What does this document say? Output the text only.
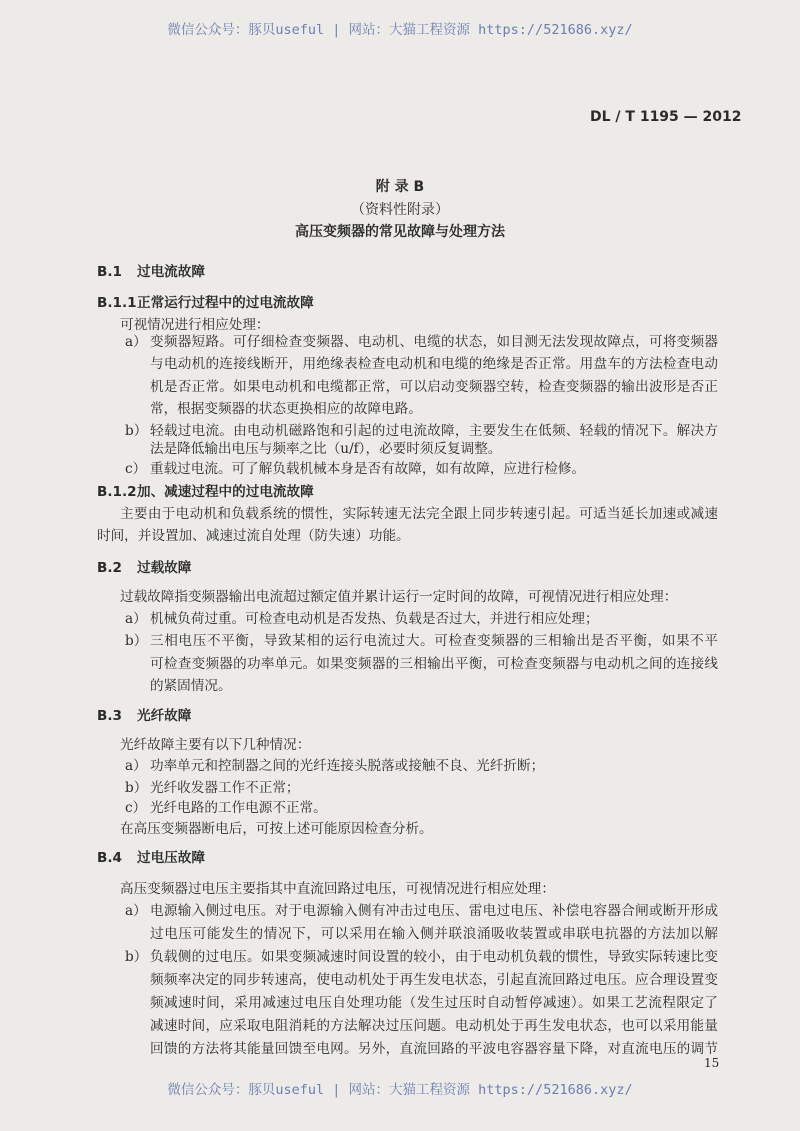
微信公众号：豚贝useful | 网站：大猫工程资源 https://521686.xyz/
DL / T 1195 — 2012
附 录 B
（资料性附录）
高压变频器的常见故障与处理方法
B.1 过电流故障
B.1.1正常运行过程中的过电流故障
可视情况进行相应处理：
a） 变频器短路。可仔细检查变频器、电动机、电缆的状态，如目测无法发现故障点，可将变频器
与电动机的连接线断开，用绝缘表检查电动机和电缆的绝缘是否正常。用盘车的方法检查电动
机是否正常。如果电动机和电缆都正常，可以启动变频器空转，检查变频器的输出波形是否正
常，根据变频器的状态更换相应的故障电路。
b） 轻载过电流。由电动机磁路饱和引起的过电流故障，主要发生在低频、轻载的情况下。解决方
法是降低输出电压与频率之比（u/f），必要时须反复调整。
c） 重载过电流。可了解负载机械本身是否有故障，如有故障，应进行检修。
B.1.2加、减速过程中的过电流故障
主要由于电动机和负载系统的惯性，实际转速无法完全跟上同步转速引起。可适当延长加速或减速
时间，并设置加、减速过流自处理（防失速）功能。
B.2 过载故障
过载故障指变频器输出电流超过额定值并累计运行一定时间的故障，可视情况进行相应处理：
a） 机械负荷过重。可检查电动机是否发热、负载是否过大，并进行相应处理；
b） 三相电压不平衡，导致某相的运行电流过大。可检查变频器的三相输出是否平衡，如果不平
可检查变频器的功率单元。如果变频器的三相输出平衡，可检查变频器与电动机之间的连接线
的紧固情况。
B.3 光纤故障
光纤故障主要有以下几种情况：
a） 功率单元和控制器之间的光纤连接头脱落或接触不良、光纤折断；
b） 光纤收发器工作不正常；
c） 光纤电路的工作电源不正常。
在高压变频器断电后，可按上述可能原因检查分析。
B.4 过电压故障
高压变频器过电压主要指其中直流回路过电压，可视情况进行相应处理：
a） 电源输入侧过电压。对于电源输入侧有冲击过电压、雷电过电压、补偿电容器合闸或断开形成
过电压可能发生的情况下，可以采用在输入侧并联浪涌吸收装置或串联电抗器的方法加以解
b） 负载侧的过电压。如果变频减速时间设置的较小，由于电动机负载的惯性，导致实际转速比变
频频率决定的同步转速高，使电动机处于再生发电状态，引起直流回路过电压。应合理设置变
频减速时间，采用减速过电压自处理功能（发生过压时自动暂停减速）。如果工艺流程限定了
减速时间，应采取电阻消耗的方法解决过压问题。电动机处于再生发电状态，也可以采用能量
回馈的方法将其能量回馈至电网。另外，直流回路的平波电容器容量下降，对直流电压的调节
15
微信公众号：豚贝useful | 网站：大猫工程资源 https://521686.xyz/
